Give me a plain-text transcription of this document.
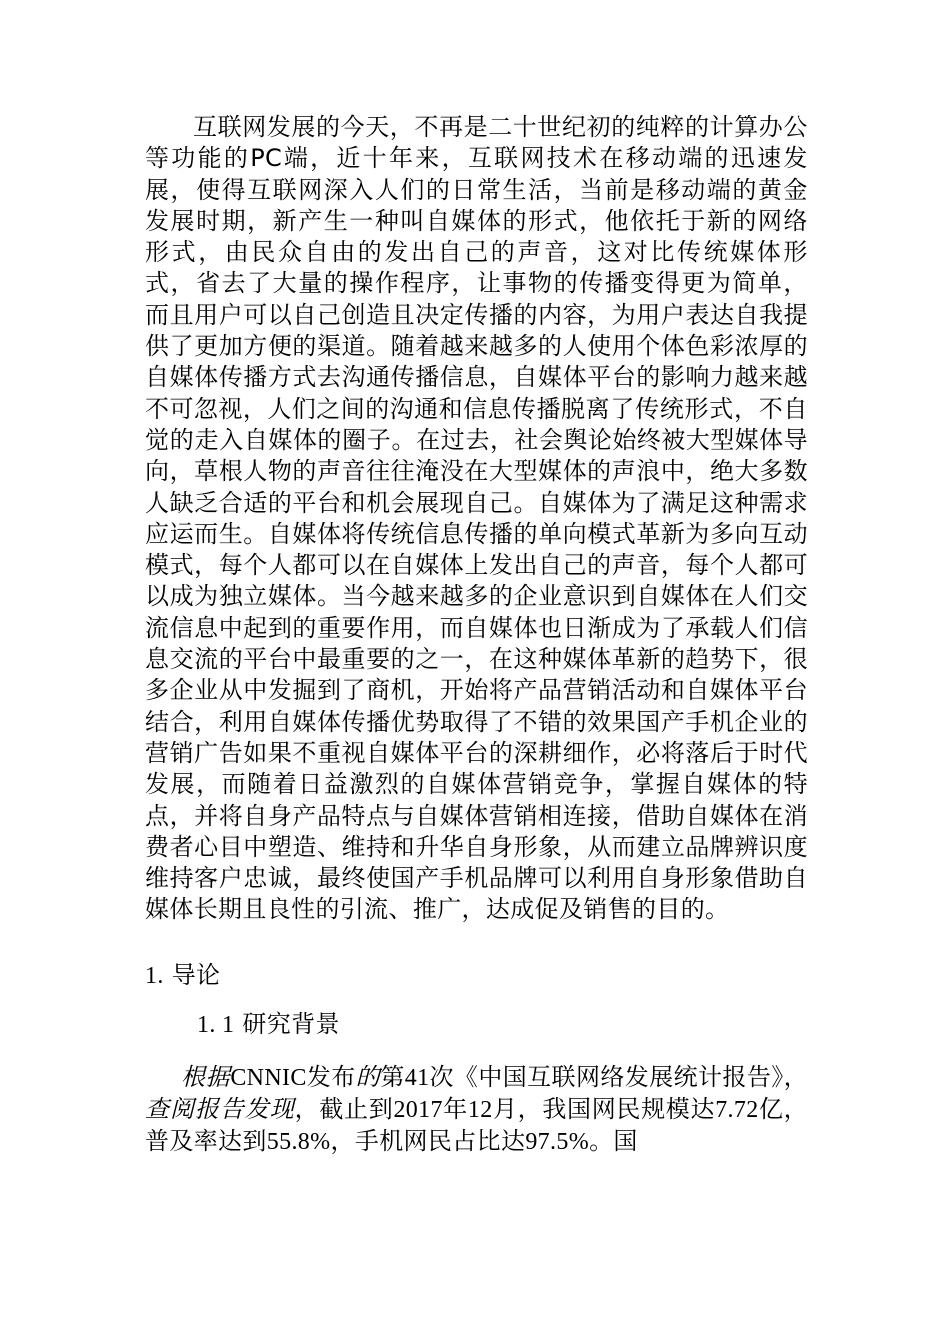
互联网发展的今天，不再是二十世纪初的纯粹的计算办公等功能的PC端，近十年来，互联网技术在移动端的迅速发展，使得互联网深入人们的日常生活，当前是移动端的黄金发展时期，新产生一种叫自媒体的形式，他依托于新的网络形式，由民众自由的发出自己的声音，这对比传统媒体形式，省去了大量的操作程序，让事物的传播变得更为简单，而且用户可以自己创造且决定传播的内容，为用户表达自我提供了更加方便的渠道。随着越来越多的人使用个体色彩浓厚的自媒体传播方式去沟通传播信息，自媒体平台的影响力越来越不可忽视，人们之间的沟通和信息传播脱离了传统形式，不自觉的走入自媒体的圈子。在过去，社会舆论始终被大型媒体导向，草根人物的声音往往淹没在大型媒体的声浪中，绝大多数人缺乏合适的平台和机会展现自己。自媒体为了满足这种需求应运而生。自媒体将传统信息传播的单向模式革新为多向互动模式，每个人都可以在自媒体上发出自己的声音，每个人都可以成为独立媒体。当今越来越多的企业意识到自媒体在人们交流信息中起到的重要作用，而自媒体也日渐成为了承载人们信息交流的平台中最重要的之一，在这种媒体革新的趋势下，很多企业从中发掘到了商机，开始将产品营销活动和自媒体平台结合，利用自媒体传播优势取得了不错的效果国产手机企业的营销广告如果不重视自媒体平台的深耕细作，必将落后于时代发展，而随着日益激烈的自媒体营销竞争，掌握自媒体的特点，并将自身产品特点与自媒体营销相连接，借助自媒体在消费者心目中塑造、维持和升华自身形象，从而建立品牌辨识度维持客户忠诚，最终使国产手机品牌可以利用自身形象借助自媒体长期且良性的引流、推广，达成促及销售的目的。

1. 导论

1. 1 研究背景

根据CNNIC发布的第41次《中国互联网络发展统计报告》，查阅报告发现，截止到2017年12月，我国网民规模达7.72亿，普及率达到55.8%，手机网民占比达97.5%。国
